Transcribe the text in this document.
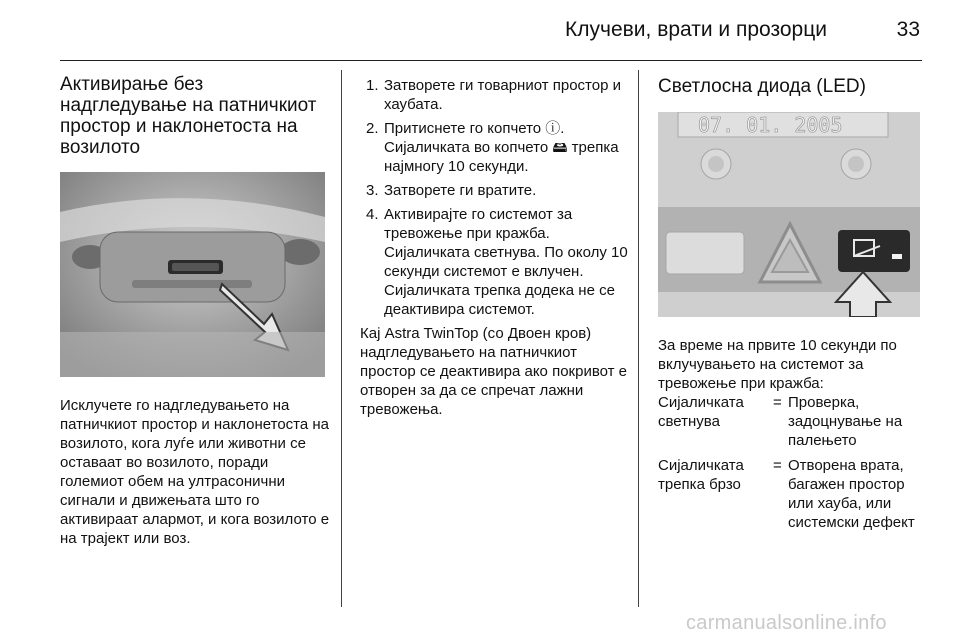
Клучеви, врати и прозорци	33
Активирање без надгледување на патничкиот простор и наклонетоста на возилото

Исклучете го надгледувањето на патничкиот простор и наклонетоста на возилото, кога луѓе или животни се оставаат во возилото, поради големиот обем на ултрасонични сигнали и движењата што го активираат алармот, и кога возилото е на трајект или воз.

1. Затворете ги товарниот простор и хаубата.
2. Притиснете го копчето ⓘ. Сијаличката во копчето 🖴 трепка најмногу 10 секунди.
3. Затворете ги вратите.
4. Активирајте го системот за тревожење при кражба. Сијаличката светнува. По околу 10 секунди системот е вклучен. Сијаличката трепка додека не се деактивира системот.

Кај Astra TwinTop (со Двоен кров) надгледувањето на патничкиот простор се деактивира ако покривот е отворен за да се спречат лажни тревожења.

Светлосна диода (LED)
07. 01. 2005

За време на првите 10 секунди по вклучувањето на системот за тревожење при кражба:

Сијаличката светнува
= Проверка, задоцнување на палењето
Сијаличката трепка брзо
= Отворена врата, багажен простор или хауба, или системски дефект
carmanualsonline.info
